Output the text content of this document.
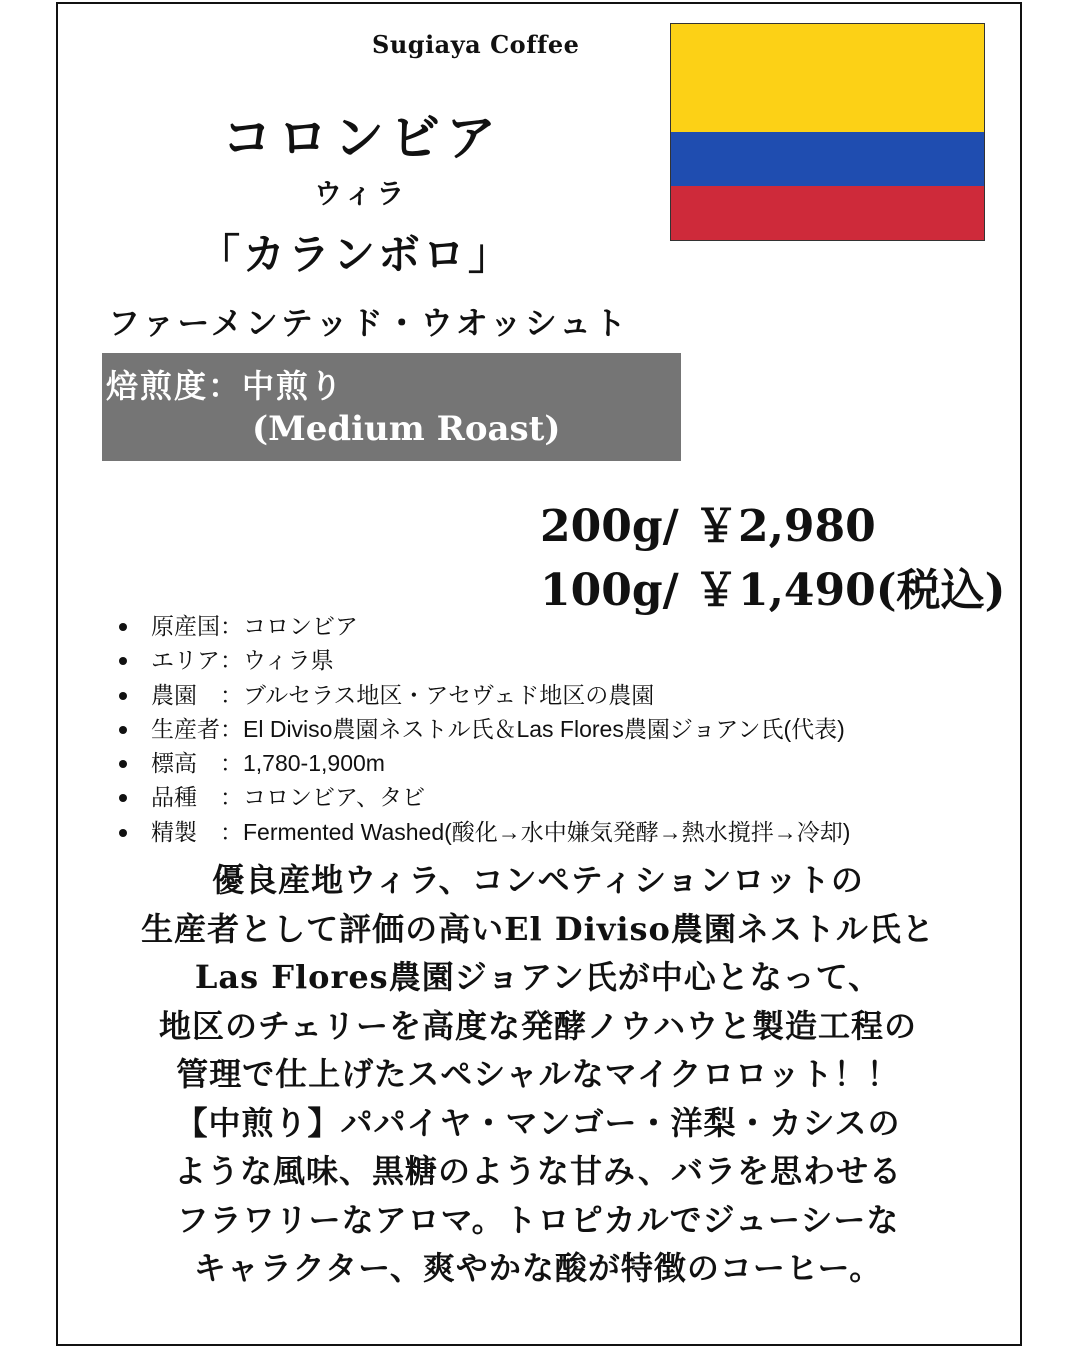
Sugiaya Coffee
コロンビア
ウィラ
「カランボロ」
ファーメンテッド・ウオッシュト
焙煎度：中煎り
(Medium Roast)
200g/ ￥2,980
100g/ ￥1,490(税込)
原産国：コロンビア
エリア：ウィラ県
農園　：ブルセラス地区・アセヴェド地区の農園
生産者：El Diviso農園ネストル氏＆Las Flores農園ジョアン氏(代表)
標高　：1,780-1,900m
品種　：コロンビア、タビ
精製　：Fermented Washed(酸化→水中嫌気発酵→熱水撹拌→冷却)
優良産地ウィラ、コンペティションロットの
生産者として評価の高いEl Diviso農園ネストル氏と
Las Flores農園ジョアン氏が中心となって、
地区のチェリーを高度な発酵ノウハウと製造工程の
管理で仕上げたスペシャルなマイクロロット！！
【中煎り】パパイヤ・マンゴー・洋梨・カシスの
ような風味、黒糖のような甘み、バラを思わせる
フラワリーなアロマ。トロピカルでジューシーな
キャラクター、爽やかな酸が特徴のコーヒー。
